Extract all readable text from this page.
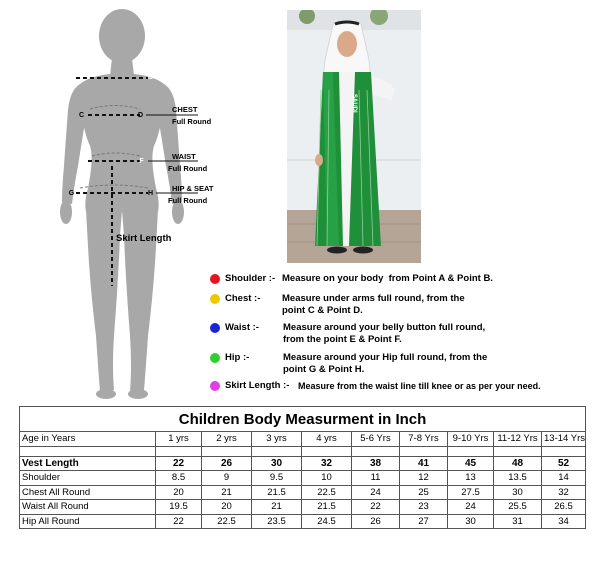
A	B
C	D
E	F
G	H
CHEST
Full Round
WAIST
Full Round
HIP & SEAT
Full Round
Skirt Length
SAUDI
Shoulder :- Measure on your body  from Point A & Point B.
Chest :- Measure under arms full round, from the
point C & Point D.
Waist :-	Measure around your belly button full round,
from the point E & Point F.
Hip :-	Measure around your Hip full round, from the
point G & Point H.
Skirt Length :- Measure from the waist line till knee or as per your need.
Children Body Measurment in Inch									
Age in Years	1 yrs	2 yrs	3 yrs	4 yrs	5-6 Yrs	7-8 Yrs	9-10 Yrs	11-12 Yrs	13-14 Yrs

Vest Length	22	26	30	32	38	41	45	48	52
Shoulder	8.5	9	9.5	10	11	12	13	13.5	14
Chest All Round	20	21	21.5	22.5	24	25	27.5	30	32
Waist All Round	19.5	20	21	21.5	22	23	24	25.5	26.5
Hip All Round	22	22.5	23.5	24.5	26	27	30	31	34
